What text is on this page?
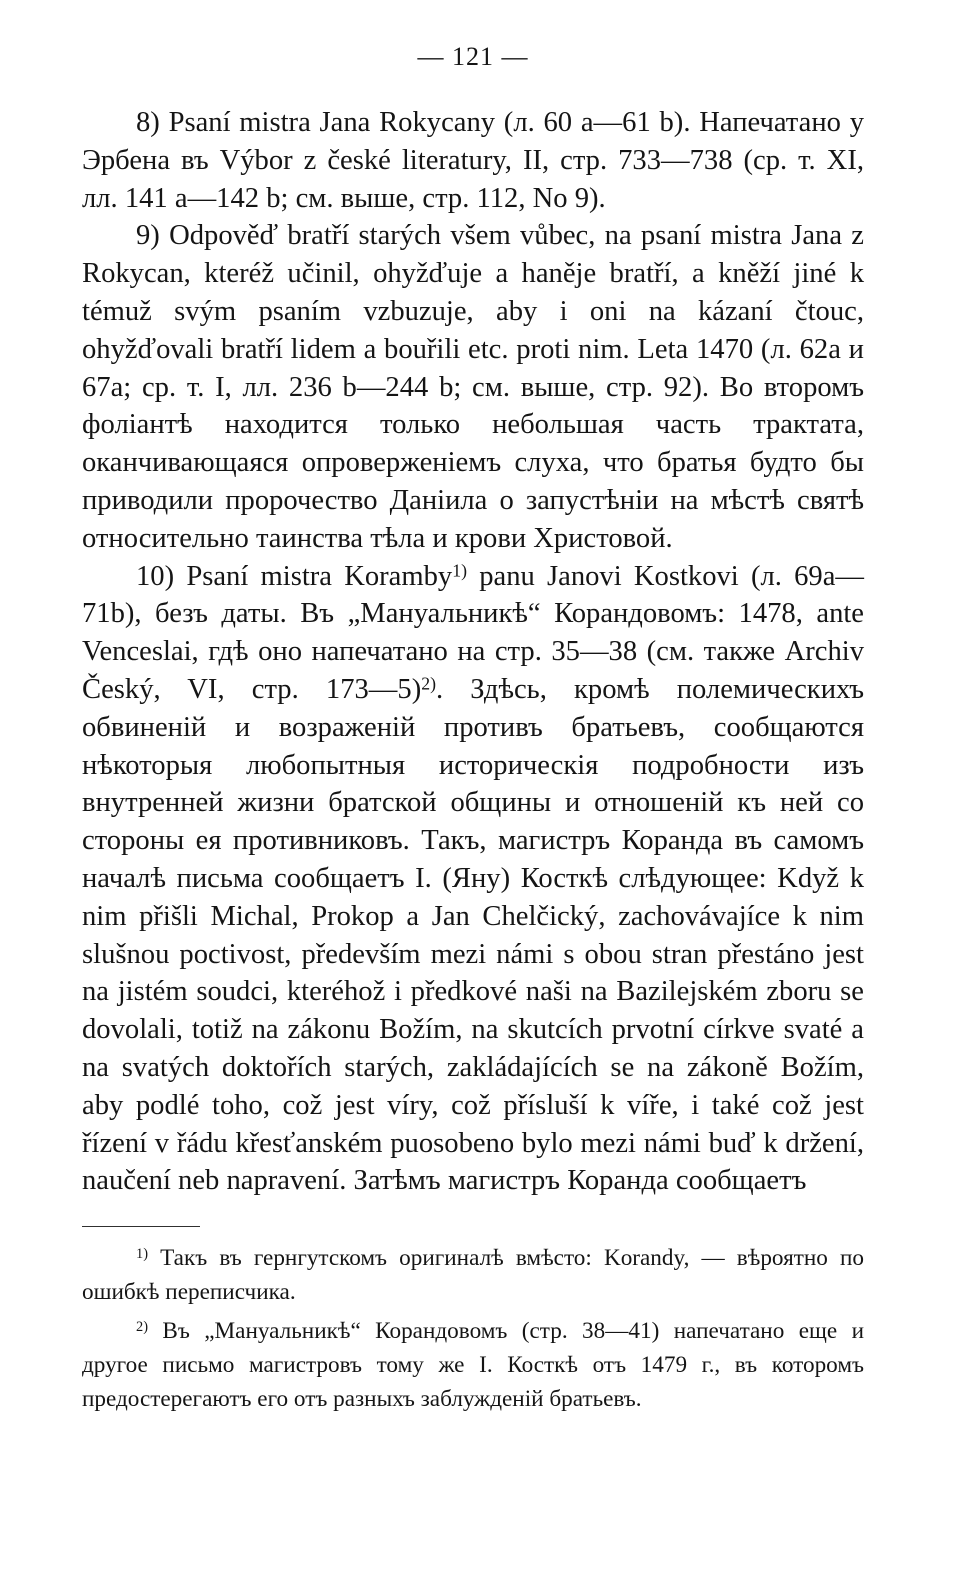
— 121 —

8) Psaní mistra Jana Rokycany (л. 60 а—61 b). Напечатано у Эрбена въ Výbor z české literatury, II, стр. 733—738 (ср. т. XI, лл. 141 а—142 b; см. выше, стр. 112, No 9).

9) Odpověď bratří starých všem vůbec, na psaní mistra Jana z Rokycan, kteréž učinil, ohyžďuje a haněje bratří, a kněží jiné k témuž svým psaním vzbuzuje, aby i oni na kázaní čtouc, ohyžďovali bratří lidem a bouřili etc. proti nim. Leta 1470 (л. 62а и 67а; ср. т. I, лл. 236 b—244 b; см. выше, стр. 92). Во второмъ фоліантѣ находится только небольшая часть трактата, оканчивающаяся опроверженіемъ слуха, что братья будто бы приводили пророчество Даніила о запустѣніи на мѣстѣ святѣ относительно таинства тѣла и крови Христовой.

10) Psaní mistra Koramby$^{1)}$ panu Janovi Kostkovi (л. 69а—71b), безъ даты. Въ „Мануальникѣ“ Корандовомъ: 1478, ante Venceslai, гдѣ оно напечатано на стр. 35—38 (см. также Archiv Český, VI, стр. 173—5)$^{2)}$. Здѣсь, кромѣ полемическихъ обвиненій и возраженій противъ братьевъ, сообщаются нѣкоторыя любопытныя историческія подробности изъ внутренней жизни братской общины и отношеній къ ней со стороны ея противниковъ. Такъ, магистръ Коранда въ самомъ началѣ письма сообщаетъ I. (Яну) Косткѣ слѣдующее: Když k nim přišli Michal, Prokop a Jan Chelčický, zachovávajíce k nim slušnou poctivost, především mezi námi s obou stran přestáno jest na jistém soudci, kteréhož i předkové naši na Bazilejském zboru se dovolali, totiž na zákonu Božím, na skutcích prvotní církve svaté a na svatých doktořích starých, zakládajících se na zákoně Božím, aby podlé toho, což jest víry, což přísluší k víře, i také což jest řízení v řádu křesťanském puosobeno bylo mezi námi buď k držení, naučení neb napravení. Затѣмъ магистръ Коранда сообщаетъ

$^{1)}$ Такъ въ гернгутскомъ оригиналѣ вмѣсто: Korandy, — вѣроятно по ошибкѣ переписчика.

$^{2)}$ Въ „Мануальникѣ“ Корандовомъ (стр. 38—41) напечатано еще и другое письмо магистровъ тому же I. Косткѣ отъ 1479 г., въ которомъ предостерегаютъ его отъ разныхъ заблужденій братьевъ.
